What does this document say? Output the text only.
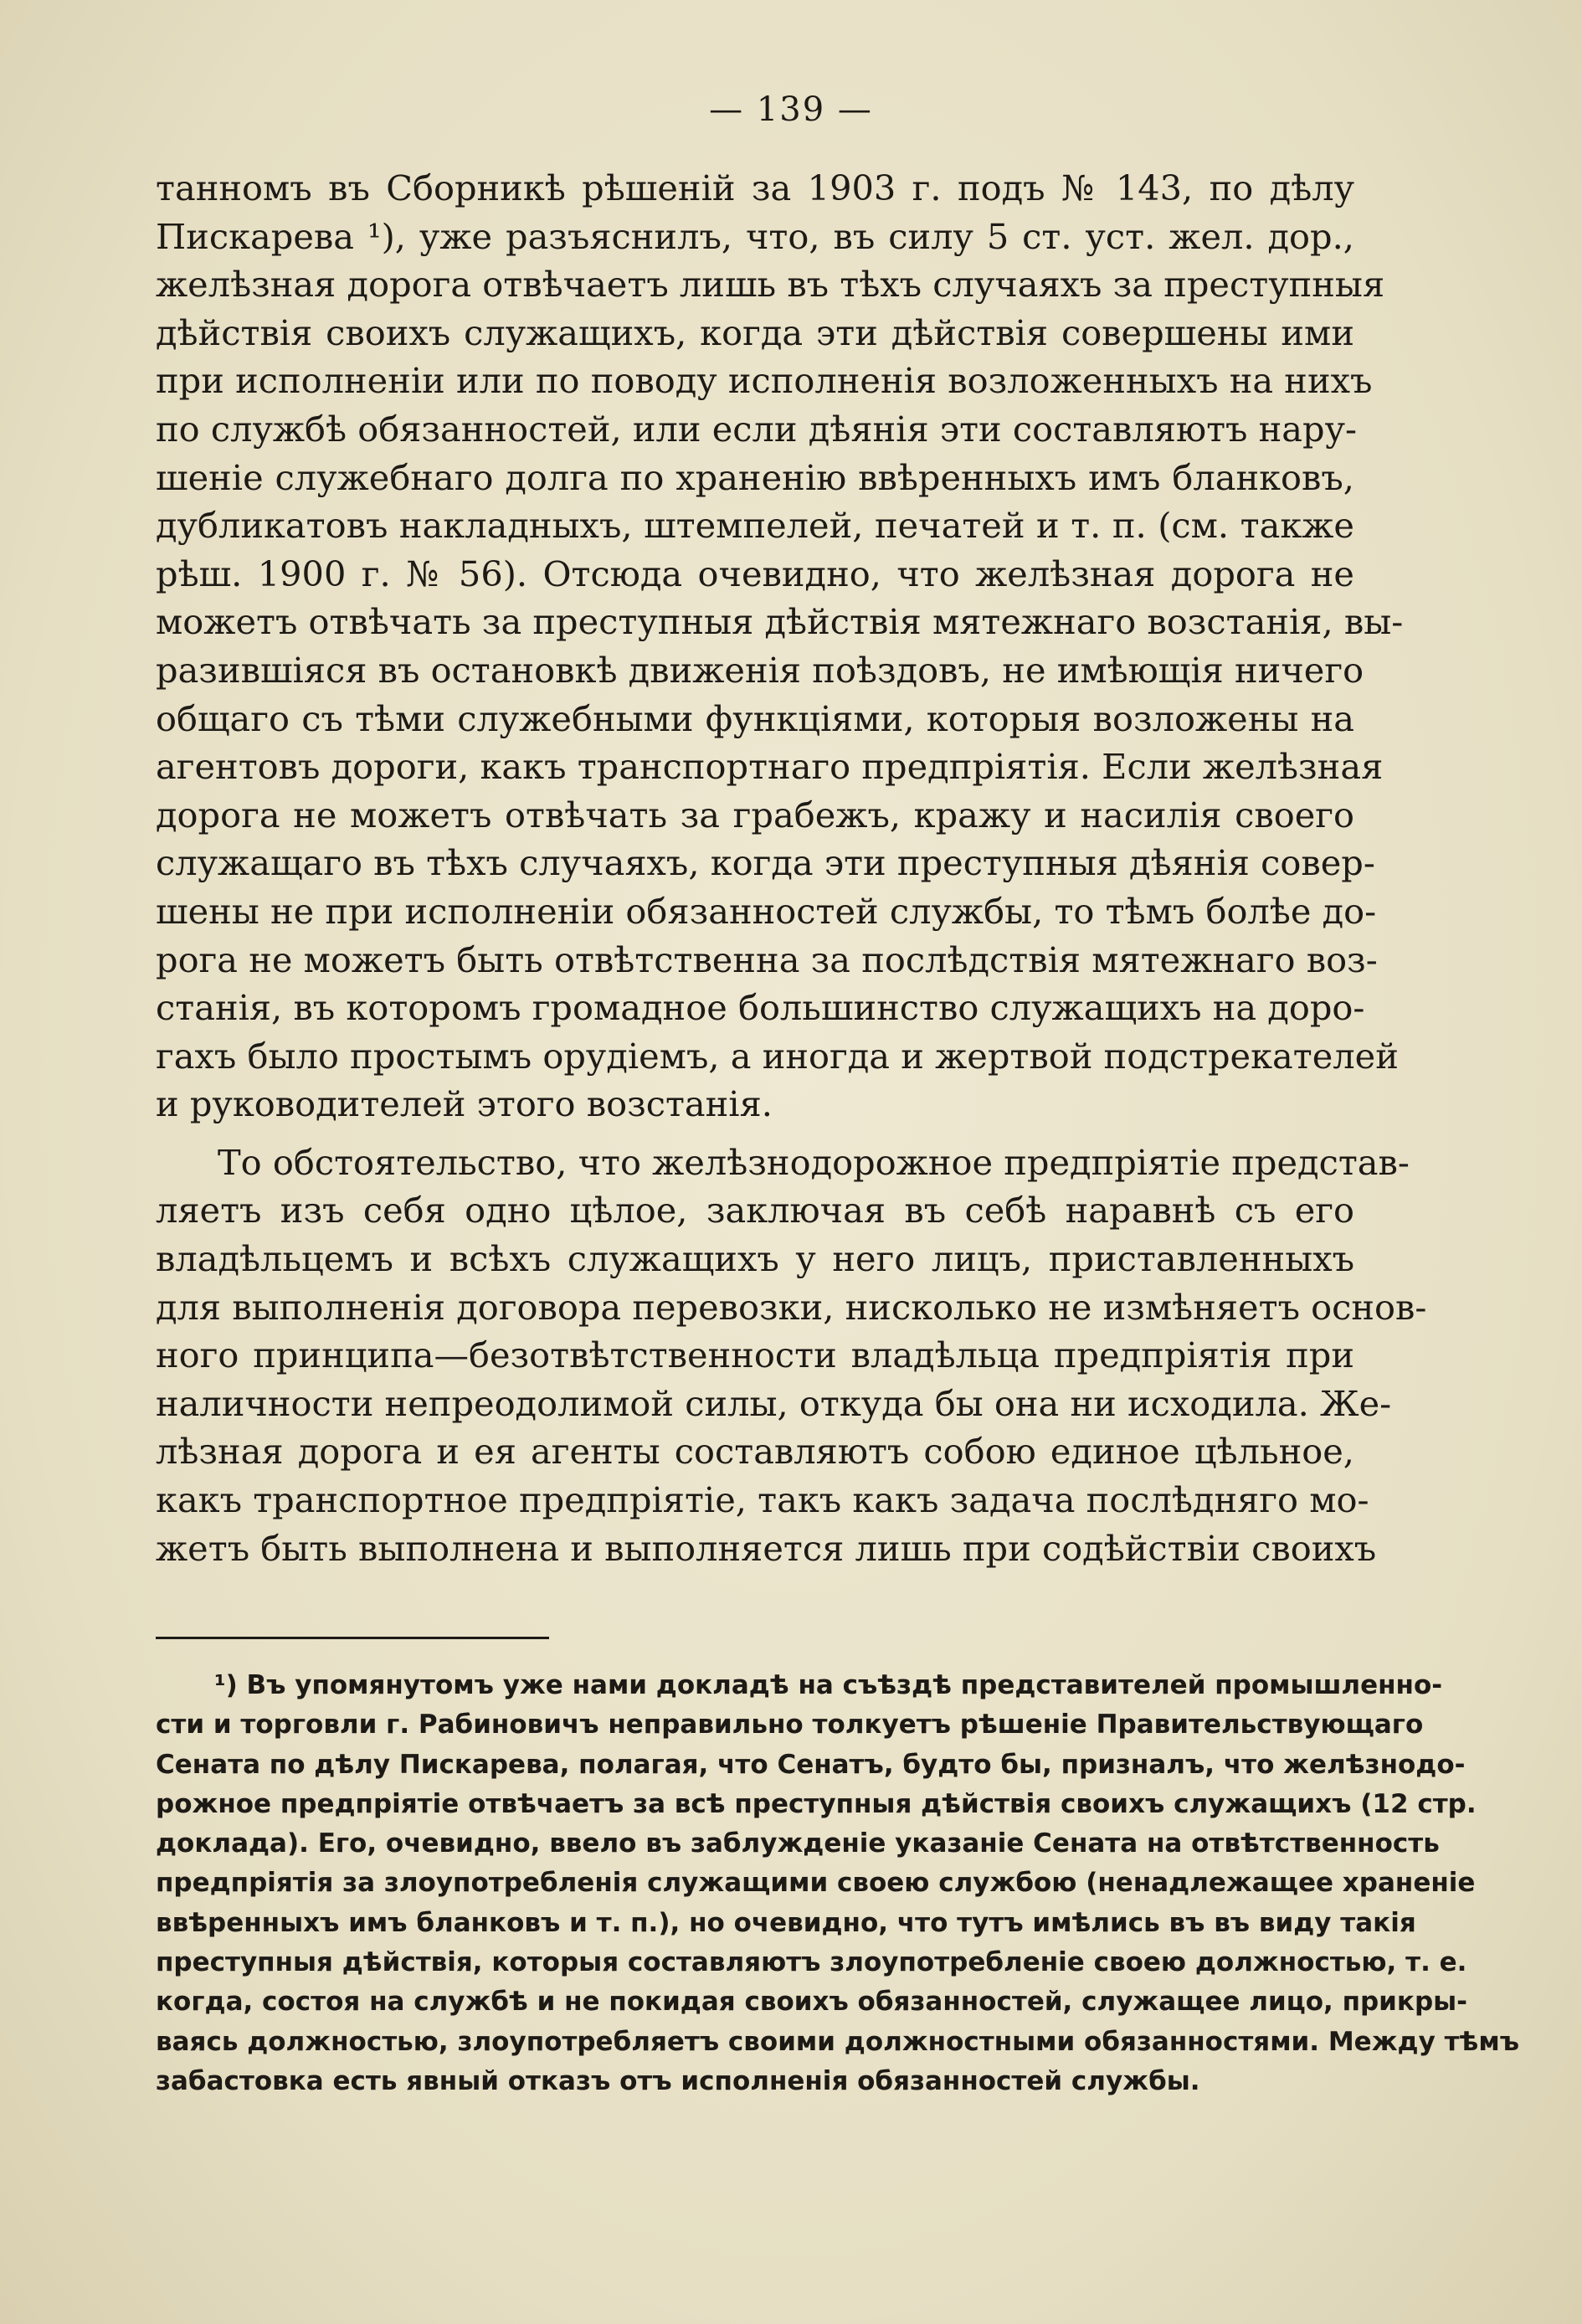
— 139 —
танномъ въ Сборникѣ рѣшеній за 1903 г. подъ № 143, по дѣлу
Пискарева ¹), уже разъяснилъ, что, въ силу 5 ст. уст. жел. дор.,
желѣзная дорога отвѣчаетъ лишь въ тѣхъ случаяхъ за преступныя
дѣйствія своихъ служащихъ, когда эти дѣйствія совершены ими
при исполненіи или по поводу исполненія возложенныхъ на нихъ
по службѣ обязанностей, или если дѣянія эти составляютъ нару-
шеніе служебнаго долга по храненію ввѣренныхъ имъ бланковъ,
дубликатовъ накладныхъ, штемпелей, печатей и т. п. (см. также
рѣш. 1900 г. № 56). Отсюда очевидно, что желѣзная дорога не
можетъ отвѣчать за преступныя дѣйствія мятежнаго возстанія, вы-
разившіяся въ остановкѣ движенія поѣздовъ, не имѣющія ничего
общаго съ тѣми служебными функціями, которыя возложены на
агентовъ дороги, какъ транспортнаго предпріятія. Если желѣзная
дорога не можетъ отвѣчать за грабежъ, кражу и насилія своего
служащаго въ тѣхъ случаяхъ, когда эти преступныя дѣянія совер-
шены не при исполненіи обязанностей службы, то тѣмъ болѣе до-
рога не можетъ быть отвѣтственна за послѣдствія мятежнаго воз-
станія, въ которомъ громадное большинство служащихъ на доро-
гахъ было простымъ орудіемъ, а иногда и жертвой подстрекателей
и руководителей этого возстанія.
То обстоятельство, что желѣзнодорожное предпріятіе представ-
ляетъ изъ себя одно цѣлое, заключая въ себѣ наравнѣ съ его
владѣльцемъ и всѣхъ служащихъ у него лицъ, приставленныхъ
для выполненія договора перевозки, нисколько не измѣняетъ основ-
ного принципа—безотвѣтственности владѣльца предпріятія при
наличности непреодолимой силы, откуда бы она ни исходила. Же-
лѣзная дорога и ея агенты составляютъ собою единое цѣльное,
какъ транспортное предпріятіе, такъ какъ задача послѣдняго мо-
жетъ быть выполнена и выполняется лишь при содѣйствіи своихъ
¹) Въ упомянутомъ уже нами докладѣ на съѣздѣ представителей промышленно-
сти и торговли г. Рабиновичъ неправильно толкуетъ рѣшеніе Правительствующаго
Сената по дѣлу Пискарева, полагая, что Сенатъ, будто бы, призналъ, что желѣзнодо-
рожное предпріятіе отвѣчаетъ за всѣ преступныя дѣйствія своихъ служащихъ (12 стр.
доклада). Его, очевидно, ввело въ заблужденіе указаніе Сената на отвѣтственность
предпріятія за злоупотребленія служащими своею службою (ненадлежащее храненіе
ввѣренныхъ имъ бланковъ и т. п.), но очевидно, что тутъ имѣлись въ въ виду такія
преступныя дѣйствія, которыя составляютъ злоупотребленіе своею должностью, т. е.
когда, состоя на службѣ и не покидая своихъ обязанностей, служащее лицо, прикры-
ваясь должностью, злоупотребляетъ своими должностными обязанностями. Между тѣмъ
забастовка есть явный отказъ отъ исполненія обязанностей службы.
